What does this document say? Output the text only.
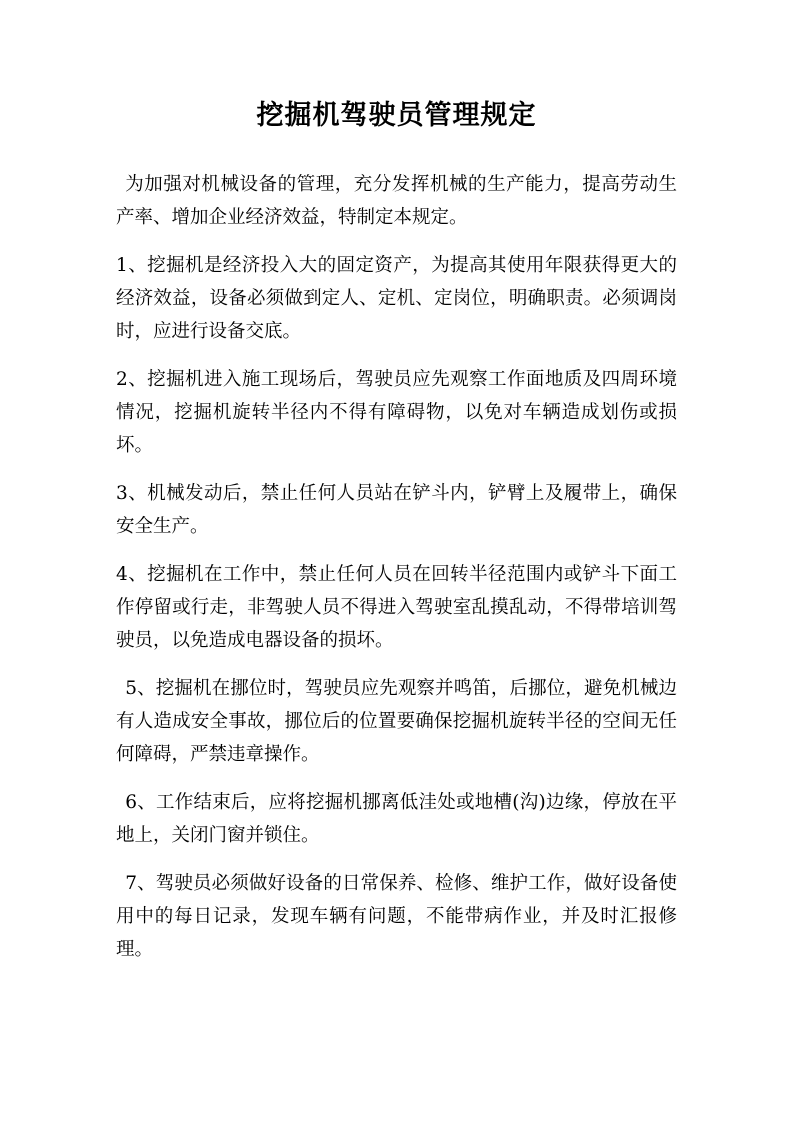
挖掘机驾驶员管理规定

为加强对机械设备的管理，充分发挥机械的生产能力，提高劳动生产率、增加企业经济效益，特制定本规定。

1、挖掘机是经济投入大的固定资产，为提高其使用年限获得更大的经济效益，设备必须做到定人、定机、定岗位，明确职责。必须调岗时，应进行设备交底。

2、挖掘机进入施工现场后，驾驶员应先观察工作面地质及四周环境情况，挖掘机旋转半径内不得有障碍物，以免对车辆造成划伤或损坏。

3、机械发动后，禁止任何人员站在铲斗内，铲臂上及履带上，确保安全生产。

4、挖掘机在工作中，禁止任何人员在回转半径范围内或铲斗下面工作停留或行走，非驾驶人员不得进入驾驶室乱摸乱动，不得带培训驾驶员，以免造成电器设备的损坏。

5、挖掘机在挪位时，驾驶员应先观察并鸣笛，后挪位，避免机械边有人造成安全事故，挪位后的位置要确保挖掘机旋转半径的空间无任何障碍，严禁违章操作。

6、工作结束后，应将挖掘机挪离低洼处或地槽(沟)边缘，停放在平地上，关闭门窗并锁住。

7、驾驶员必须做好设备的日常保养、检修、维护工作，做好设备使用中的每日记录，发现车辆有问题，不能带病作业，并及时汇报修理。
